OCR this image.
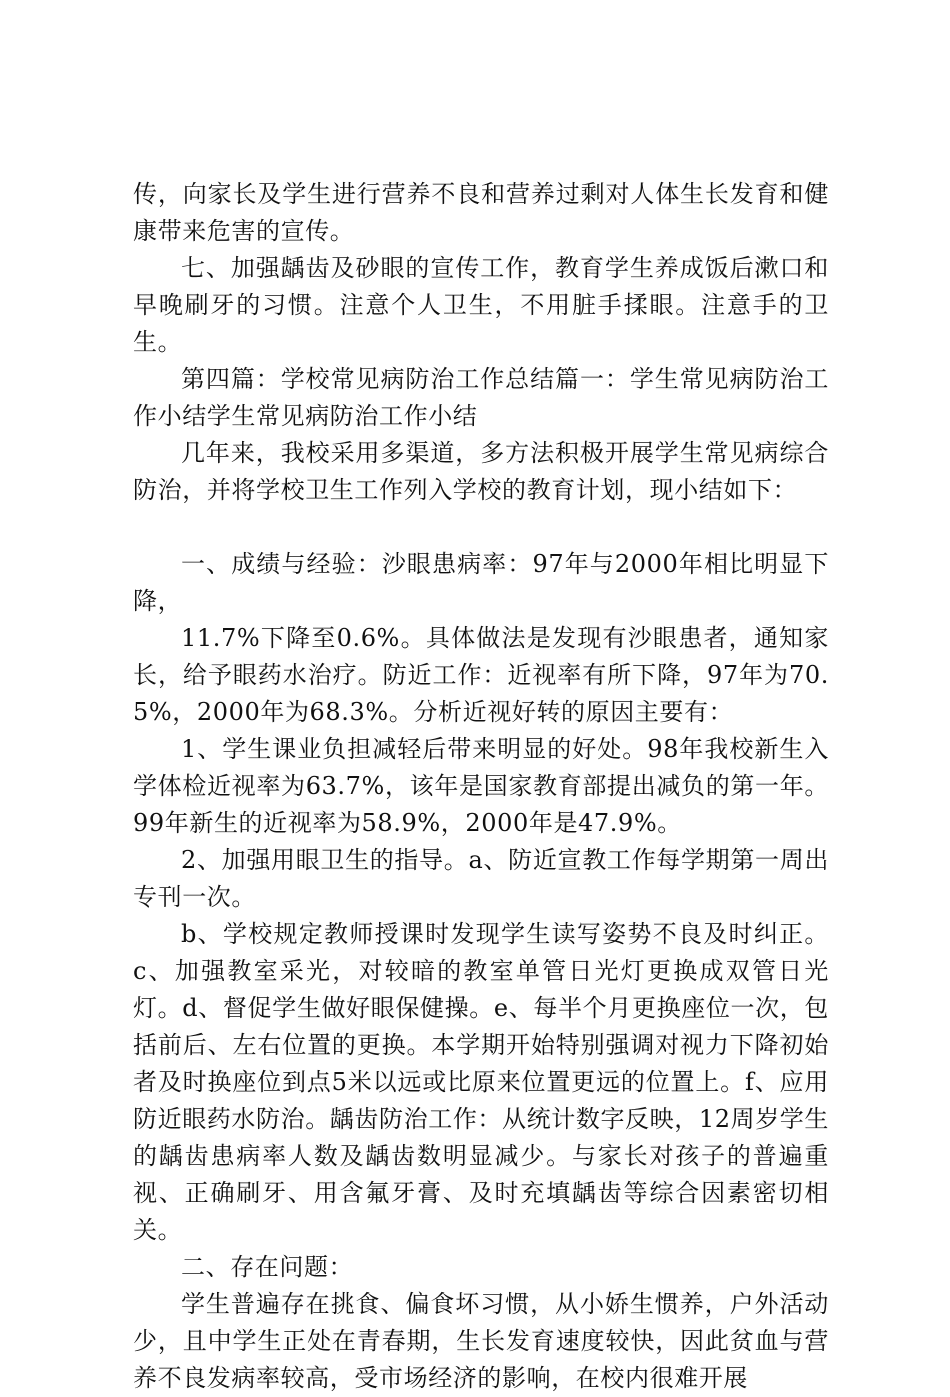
传，向家长及学生进行营养不良和营养过剩对人体生长发育和健康带来危害的宣传。

七、加强龋齿及砂眼的宣传工作，教育学生养成饭后漱口和早晚刷牙的习惯。注意个人卫生，不用脏手揉眼。注意手的卫生。

第四篇：学校常见病防治工作总结篇一：学生常见病防治工作小结学生常见病防治工作小结

几年来，我校采用多渠道，多方法积极开展学生常见病综合防治，并将学校卫生工作列入学校的教育计划，现小结如下：

一、成绩与经验：沙眼患病率：97年与2000年相比明显下降，

11.7%下降至0.6%。具体做法是发现有沙眼患者，通知家长，给予眼药水治疗。防近工作：近视率有所下降，97年为70.5%，2000年为68.3%。分析近视好转的原因主要有：

1、学生课业负担减轻后带来明显的好处。98年我校新生入学体检近视率为63.7%，该年是国家教育部提出减负的第一年。99年新生的近视率为58.9%，2000年是47.9%。

2、加强用眼卫生的指导。a、防近宣教工作每学期第一周出专刊一次。

b、学校规定教师授课时发现学生读写姿势不良及时纠正。c、加强教室采光，对较暗的教室单管日光灯更换成双管日光灯。d、督促学生做好眼保健操。e、每半个月更换座位一次，包括前后、左右位置的更换。本学期开始特别强调对视力下降初始者及时换座位到点5米以远或比原来位置更远的位置上。f、应用防近眼药水防治。龋齿防治工作：从统计数字反映，12周岁学生的龋齿患病率人数及龋齿数明显减少。与家长对孩子的普遍重视、正确刷牙、用含氟牙膏、及时充填龋齿等综合因素密切相关。

二、存在问题：

学生普遍存在挑食、偏食坏习惯，从小娇生惯养，户外活动少，且中学生正处在青春期，生长发育速度较快，因此贫血与营养不良发病率较高，受市场经济的影响，在校内很难开展
